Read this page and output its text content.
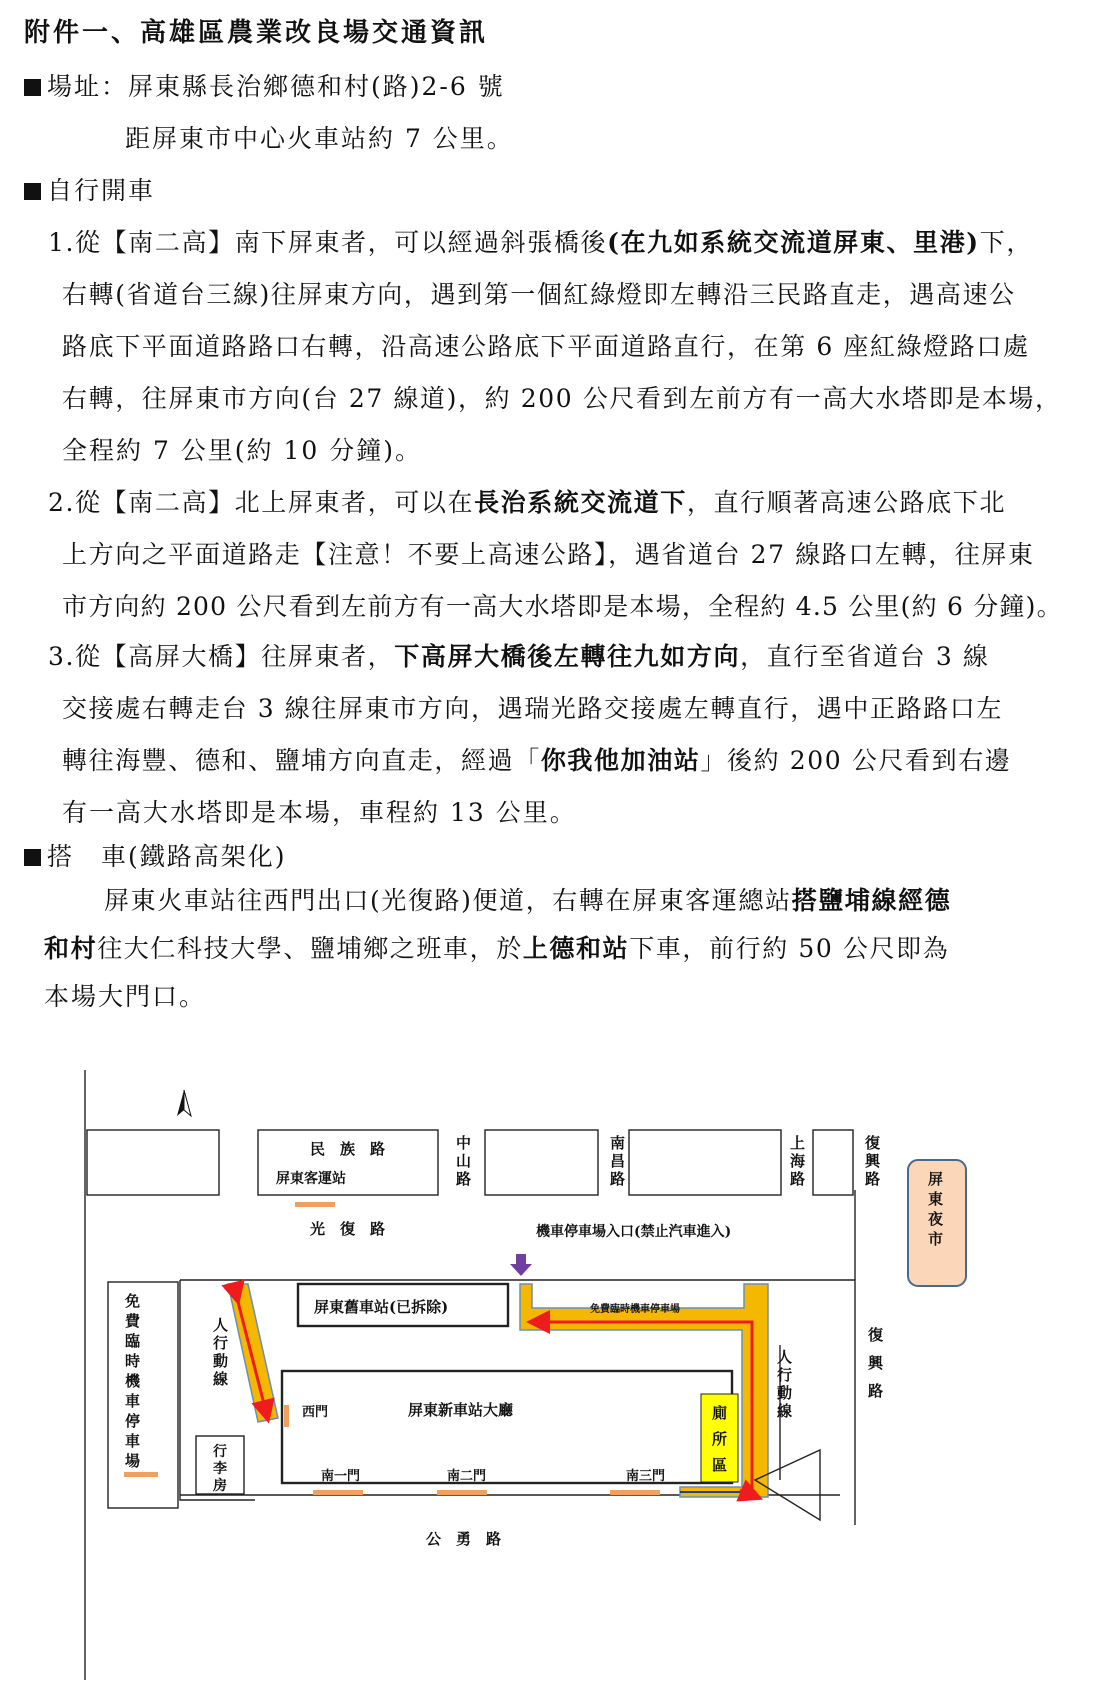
附件一、高雄區農業改良場交通資訊
場址：屏東縣長治鄉德和村(路)2-6 號
距屏東市中心火車站約 7 公里。
自行開車
1.從【南二高】南下屏東者，可以經過斜張橋後(在九如系統交流道屏東、里港)下，
右轉(省道台三線)往屏東方向，遇到第一個紅綠燈即左轉沿三民路直走，遇高速公
路底下平面道路路口右轉，沿高速公路底下平面道路直行，在第 6 座紅綠燈路口處
右轉，往屏東市方向(台 27 線道)，約 200 公尺看到左前方有一高大水塔即是本場，
全程約 7 公里(約 10 分鐘)。
2.從【南二高】北上屏東者，可以在長治系統交流道下，直行順著高速公路底下北
上方向之平面道路走【注意！不要上高速公路】，遇省道台 27 線路口左轉，往屏東
市方向約 200 公尺看到左前方有一高大水塔即是本場，全程約 4.5 公里(約 6 分鐘)。
3.從【高屏大橋】往屏東者，下高屏大橋後左轉往九如方向，直行至省道台 3 線
交接處右轉走台 3 線往屏東市方向，遇瑞光路交接處左轉直行，遇中正路路口左
轉往海豐、德和、鹽埔方向直走，經過「你我他加油站」後約 200 公尺看到右邊
有一高大水塔即是本場，車程約 13 公里。
搭　車(鐵路高架化)
屏東火車站往西門出口(光復路)便道，右轉在屏東客運總站搭鹽埔線經德
和村往大仁科技大學、鹽埔鄉之班車，於上德和站下車，前行約 50 公尺即為
本場大門口。
民　族　路
屏東客運站
光　復　路	機車停車場入口(禁止汽車進入)
屏東舊車站(已拆除)	免費臨時機車停車場
屏東新車站大廳
西門
南一門	南二門	南三門
公　勇　路
中山路
南昌路
上海路
復興路	屏東夜市
免費臨時機車停車場
人行動線
人行動線
復興路
廁所區
行李房
